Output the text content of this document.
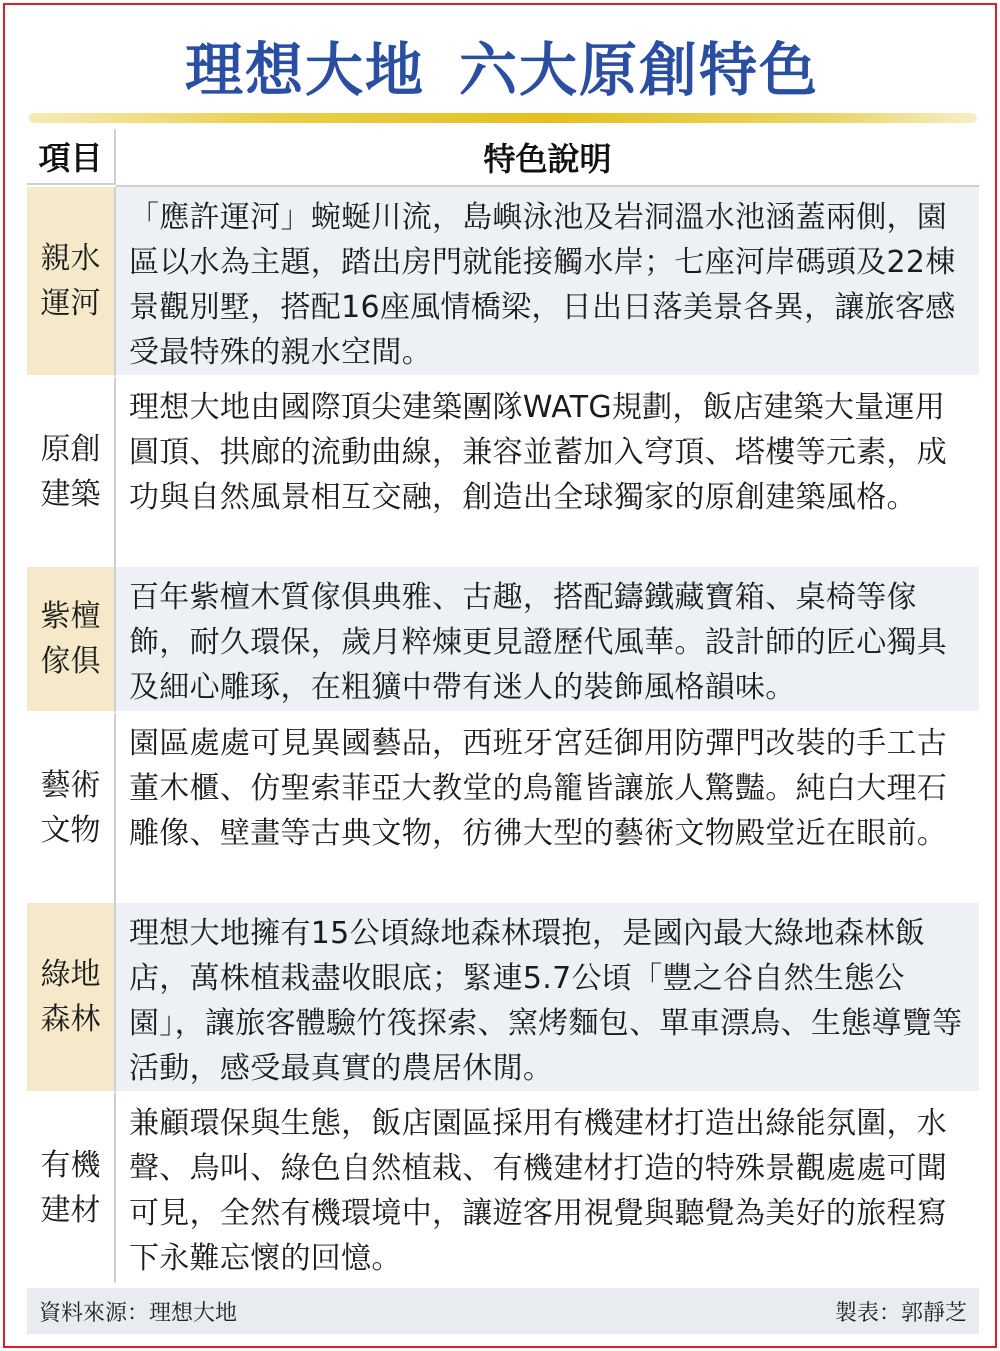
理想大地 六大原創特色
項目	特色說明
親水運河
「應許運河」蜿蜒川流，島嶼泳池及岩洞溫水池涵蓋兩側，園區以水為主題，踏出房門就能接觸水岸；七座河岸碼頭及22棟景觀別墅，搭配16座風情橋梁，日出日落美景各異，讓旅客感受最特殊的親水空間。
原創建築
理想大地由國際頂尖建築團隊WATG規劃，飯店建築大量運用圓頂、拱廊的流動曲線，兼容並蓄加入穹頂、塔樓等元素，成功與自然風景相互交融，創造出全球獨家的原創建築風格。
紫檀傢俱
百年紫檀木質傢俱典雅、古趣，搭配鑄鐵藏寶箱、桌椅等傢飾，耐久環保，歲月粹煉更見證歷代風華。設計師的匠心獨具及細心雕琢，在粗獷中帶有迷人的裝飾風格韻味。
藝術文物
園區處處可見異國藝品，西班牙宮廷御用防彈門改裝的手工古董木櫃、仿聖索菲亞大教堂的鳥籠皆讓旅人驚豔。純白大理石雕像、壁畫等古典文物，彷彿大型的藝術文物殿堂近在眼前。
綠地森林
理想大地擁有15公頃綠地森林環抱，是國內最大綠地森林飯店，萬株植栽盡收眼底；緊連5.7公頃「豐之谷自然生態公園」，讓旅客體驗竹筏探索、窯烤麵包、單車漂鳥、生態導覽等活動，感受最真實的農居休閒。
有機建材
兼顧環保與生態，飯店園區採用有機建材打造出綠能氛圍，水聲、鳥叫、綠色自然植栽、有機建材打造的特殊景觀處處可聞可見，全然有機環境中，讓遊客用視覺與聽覺為美好的旅程寫下永難忘懷的回憶。
資料來源：理想大地	製表：郭靜芝
